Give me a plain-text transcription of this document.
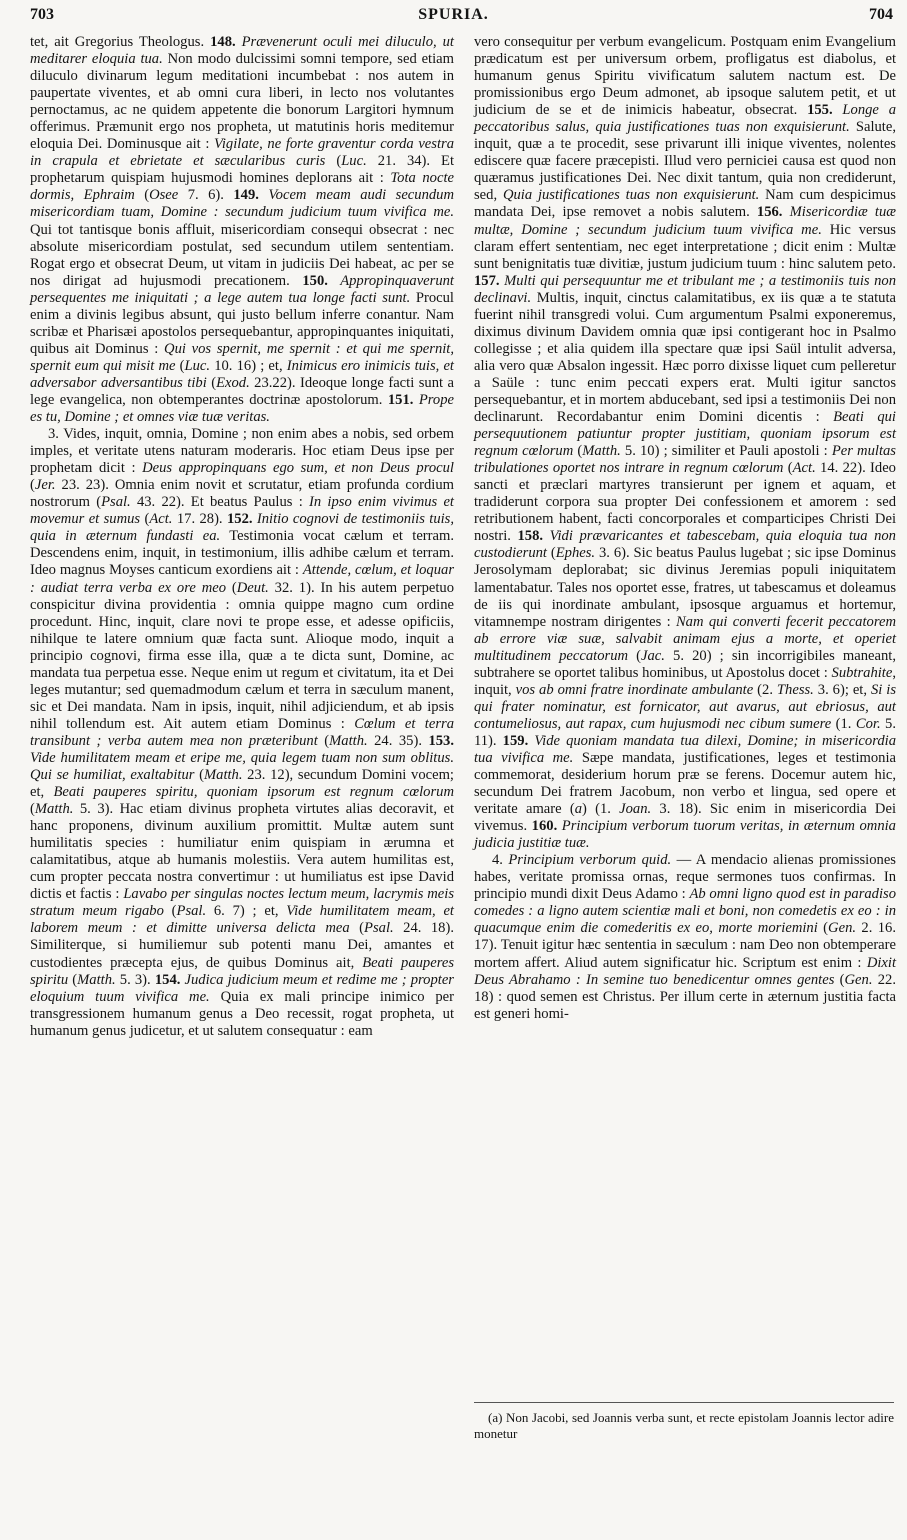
703	SPURIA.	704

tet, ait Gregorius Theologus. 148. Prævenerunt oculi mei diluculo, ut meditarer eloquia tua. Non modo dulcissimi somni tempore, sed etiam diluculo divinarum legum meditationi incumbebat : nos autem in paupertate viventes, et ab omni cura liberi, in lecto nos volutantes pernoctamus, ac ne quidem appetente die bonorum Largitori hymnum offerimus. Præmunit ergo nos propheta, ut matutinis horis meditemur eloquia Dei. Dominusque ait : Vigilate, ne forte graventur corda vestra in crapula et ebrietate et sæcularibus curis (Luc. 21. 34). Et prophetarum quispiam hujusmodi homines deplorans ait : Tota nocte dormis, Ephraim (Osee 7. 6). 149. Vocem meam audi secundum misericordiam tuam, Domine : secundum judicium tuum vivifica me. Qui tot tantisque bonis affluit, misericordiam consequi obsecrat : nec absolute misericordiam postulat, sed secundum utilem sententiam. Rogat ergo et obsecrat Deum, ut vitam in judiciis Dei habeat, ac per se nos dirigat ad hujusmodi precationem. 150. Appropinquaverunt persequentes me iniquitati ; a lege autem tua longe facti sunt. Procul enim a divinis legibus absunt, qui justo bellum inferre conantur. Nam scribæ et Pharisæi apostolos persequebantur, appropinquantes iniquitati, quibus ait Dominus : Qui vos spernit, me spernit : et qui me spernit, spernit eum qui misit me (Luc. 10. 16) ; et, Inimicus ero inimicis tuis, et adversabor adversantibus tibi (Exod. 23.22). Ideoque longe facti sunt a lege evangelica, non obtemperantes doctrinæ apostolorum. 151. Prope es tu, Domine ; et omnes viæ tuæ veritas.

3. Vides, inquit, omnia, Domine ; non enim abes a nobis, sed orbem imples, et veritate utens naturam moderaris. Hoc etiam Deus ipse per prophetam dicit : Deus appropinquans ego sum, et non Deus procul (Jer. 23. 23). Omnia enim novit et scrutatur, etiam profunda cordium nostrorum (Psal. 43. 22). Et beatus Paulus : In ipso enim vivimus et movemur et sumus (Act. 17. 28). 152. Initio cognovi de testimoniis tuis, quia in æternum fundasti ea. Testimonia vocat cælum et terram. Descendens enim, inquit, in testimonium, illis adhibe cælum et terram. Ideo magnus Moyses canticum exordiens ait : Attende, cœlum, et loquar : audiat terra verba ex ore meo (Deut. 32. 1). In his autem perpetuo conspicitur divina providentia : omnia quippe magno cum ordine procedunt. Hinc, inquit, clare novi te prope esse, et adesse opificiis, nihilque te latere omnium quæ facta sunt. Alioque modo, inquit a principio cognovi, firma esse illa, quæ a te dicta sunt, Domine, ac mandata tua perpetua esse. Neque enim ut regum et civitatum, ita et Dei leges mutantur; sed quemadmodum cælum et terra in sæculum manent, sic et Dei mandata. Nam in ipsis, inquit, nihil adjiciendum, et ab ipsis nihil tollendum est. Ait autem etiam Dominus : Cœlum et terra transibunt ; verba autem mea non præteribunt (Matth. 24. 35). 153. Vide humilitatem meam et eripe me, quia legem tuam non sum oblitus. Qui se humiliat, exaltabitur (Matth. 23. 12), secundum Domini vocem; et, Beati pauperes spiritu, quoniam ipsorum est regnum cœlorum (Matth. 5. 3). Hac etiam divinus propheta virtutes alias decoravit, et hanc proponens, divinum auxilium promittit. Multæ autem sunt humilitatis species : humiliatur enim quispiam in ærumna et calamitatibus, atque ab humanis molestiis. Vera autem humilitas est, cum propter peccata nostra convertimur : ut humiliatus est ipse David dictis et factis : Lavabo per singulas noctes lectum meum, lacrymis meis stratum meum rigabo (Psal. 6. 7) ; et, Vide humilitatem meam, et laborem meum : et dimitte universa delicta mea (Psal. 24. 18). Similiterque, si humiliemur sub potenti manu Dei, amantes et custodientes præcepta ejus, de quibus Dominus ait, Beati pauperes spiritu (Matth. 5. 3). 154. Judica judicium meum et redime me ; propter eloquium tuum vivifica me. Quia ex mali principe inimico per transgressionem humanum genus a Deo recessit, rogat propheta, ut humanum genus judicetur, et ut salutem consequatur : eam

vero consequitur per verbum evangelicum. Postquam enim Evangelium prædicatum est per universum orbem, profligatus est diabolus, et humanum genus Spiritu vivificatum salutem nactum est. De promissionibus ergo Deum admonet, ab ipsoque salutem petit, et ut judicium de se et de inimicis habeatur, obsecrat. 155. Longe a peccatoribus salus, quia justificationes tuas non exquisierunt. Salute, inquit, quæ a te procedit, sese privarunt illi inique viventes, nolentes ediscere quæ facere præcepisti. Illud vero perniciei causa est quod non quæramus justificationes Dei. Nec dixit tantum, quia non crediderunt, sed, Quia justificationes tuas non exquisierunt. Nam cum despicimus mandata Dei, ipse removet a nobis salutem. 156. Misericordiæ tuæ multæ, Domine ; secundum judicium tuum vivifica me. Hic versus claram effert sententiam, nec eget interpretatione ; dicit enim : Multæ sunt benignitatis tuæ divitiæ, justum judicium tuum : hinc salutem peto. 157. Multi qui persequuntur me et tribulant me ; a testimoniis tuis non declinavi. Multis, inquit, cinctus calamitatibus, ex iis quæ a te statuta fuerint nihil transgredi volui. Cum argumentum Psalmi exponeremus, diximus divinum Davidem omnia quæ ipsi contigerant hoc in Psalmo collegisse ; et alia quidem illa spectare quæ ipsi Saül intulit adversa, alia vero quæ Absalon ingessit. Hæc porro dixisse liquet cum pelleretur a Saüle : tunc enim peccati expers erat. Multi igitur sanctos persequebantur, et in mortem abducebant, sed ipsi a testimoniis Dei non declinarunt. Recordabantur enim Domini dicentis : Beati qui persequutionem patiuntur propter justitiam, quoniam ipsorum est regnum cœlorum (Matth. 5. 10) ; similiter et Pauli apostoli : Per multas tribulationes oportet nos intrare in regnum cœlorum (Act. 14. 22). Ideo sancti et præclari martyres transierunt per ignem et aquam, et tradiderunt corpora sua propter Dei confessionem et amorem : sed retributionem habent, facti concorporales et comparticipes Christi Dei nostri. 158. Vidi prævaricantes et tabescebam, quia eloquia tua non custodierunt (Ephes. 3. 6). Sic beatus Paulus lugebat ; sic ipse Dominus Jerosolymam deplorabat; sic divinus Jeremias populi iniquitatem lamentabatur. Tales nos oportet esse, fratres, ut tabescamus et doleamus de iis qui inordinate ambulant, ipsosque arguamus et hortemur, vitamnempe nostram dirigentes : Nam qui converti fecerit peccatorem ab errore viæ suæ, salvabit animam ejus a morte, et operiet multitudinem peccatorum (Jac. 5. 20) ; sin incorrigibiles maneant, subtrahere se oportet talibus hominibus, ut Apostolus docet : Subtrahite, inquit, vos ab omni fratre inordinate ambulante (2. Thess. 3. 6); et, Si is qui frater nominatur, est fornicator, aut avarus, aut ebriosus, aut contumeliosus, aut rapax, cum hujusmodi nec cibum sumere (1. Cor. 5. 11). 159. Vide quoniam mandata tua dilexi, Domine; in misericordia tua vivifica me. Sæpe mandata, justificationes, leges et testimonia commemorat, desiderium horum præ se ferens. Docemur autem hic, secundum Dei fratrem Jacobum, non verbo et lingua, sed opere et veritate amare (a) (1. Joan. 3. 18). Sic enim in misericordia Dei vivemus. 160. Principium verborum tuorum veritas, in æternum omnia judicia justitiæ tuæ.

4. Principium verborum quid. — A mendacio alienas promissiones habes, veritate promissa ornas, reque sermones tuos confirmas. In principio mundi dixit Deus Adamo : Ab omni ligno quod est in paradiso comedes : a ligno autem scientiæ mali et boni, non comedetis ex eo : in quacumque enim die comederitis ex eo, morte moriemini (Gen. 2. 16. 17). Tenuit igitur hæc sententia in sæculum : nam Deo non obtemperare mortem affert. Aliud autem significatur hic. Scriptum est enim : Dixit Deus Abrahamo : In semine tuo benedicentur omnes gentes (Gen. 22. 18) : quod semen est Christus. Per illum certe in æternum justitia facta est generi homi-

(a) Non Jacobi, sed Joannis verba sunt, et recte epistolam Joannis lector adire monetur
